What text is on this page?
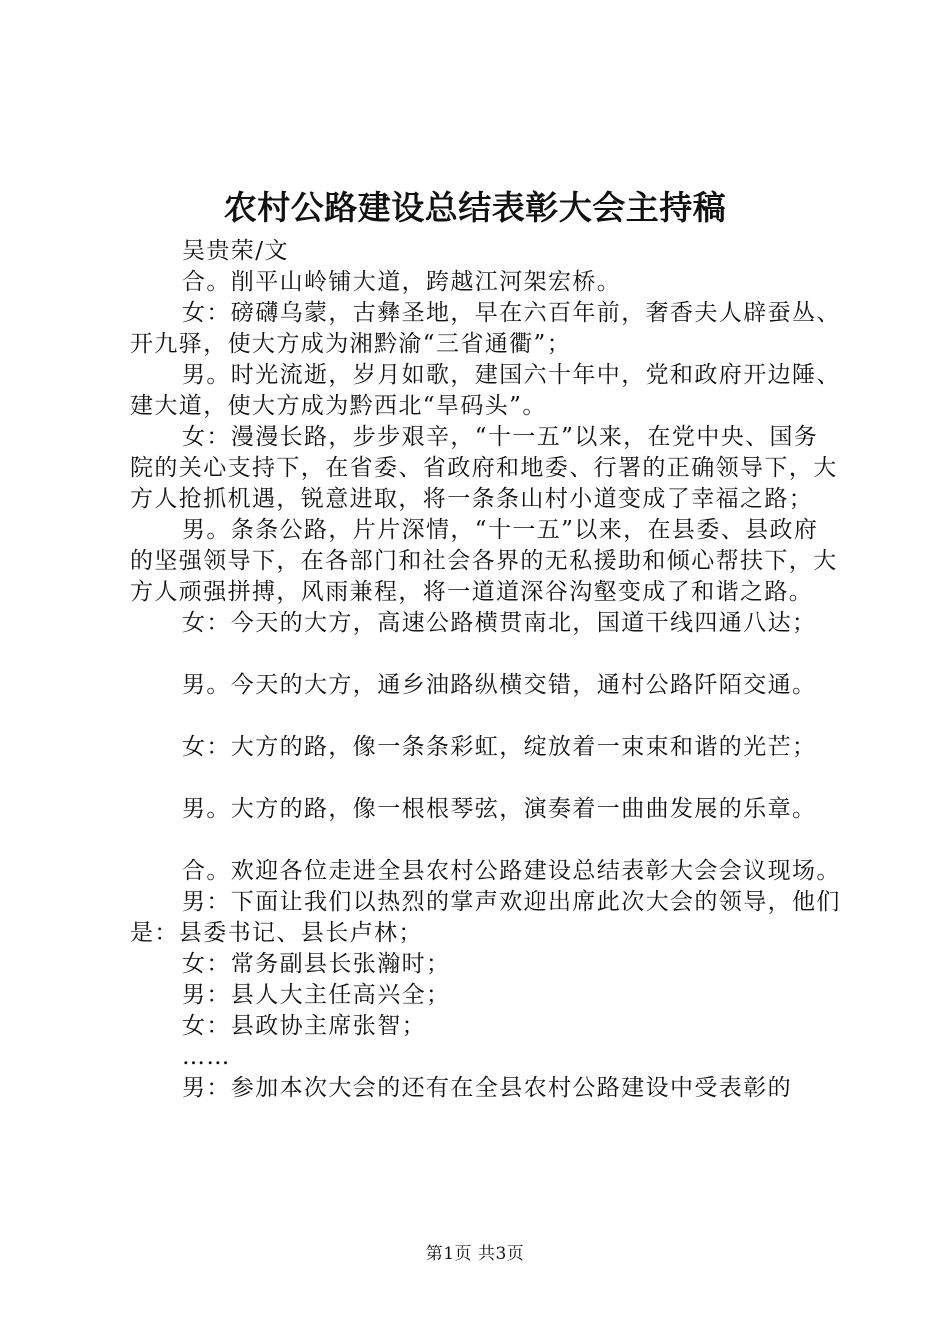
农村公路建设总结表彰大会主持稿

吴贵荣/文

合。削平山岭铺大道，跨越江河架宏桥。

女：磅礴乌蒙，古彝圣地，早在六百年前，奢香夫人辟蚕丛、开九驿，使大方成为湘黔渝“三省通衢”；

男。时光流逝，岁月如歌，建国六十年中，党和政府开边陲、建大道，使大方成为黔西北“旱码头”。

女：漫漫长路，步步艰辛，“十一五”以来，在党中央、国务院的关心支持下，在省委、省政府和地委、行署的正确领导下，大方人抢抓机遇，锐意进取，将一条条山村小道变成了幸福之路；

男。条条公路，片片深情，“十一五”以来，在县委、县政府的坚强领导下，在各部门和社会各界的无私援助和倾心帮扶下，大方人顽强拼搏，风雨兼程，将一道道深谷沟壑变成了和谐之路。

女：今天的大方，高速公路横贯南北，国道干线四通八达；

男。今天的大方，通乡油路纵横交错，通村公路阡陌交通。

女：大方的路，像一条条彩虹，绽放着一束束和谐的光芒；

男。大方的路，像一根根琴弦，演奏着一曲曲发展的乐章。

合。欢迎各位走进全县农村公路建设总结表彰大会会议现场。

男：下面让我们以热烈的掌声欢迎出席此次大会的领导，他们是：县委书记、县长卢林；

女：常务副县长张瀚时；

男：县人大主任高兴全；

女：县政协主席张智；

……

男：参加本次大会的还有在全县农村公路建设中受表彰的

第1页 共3页
